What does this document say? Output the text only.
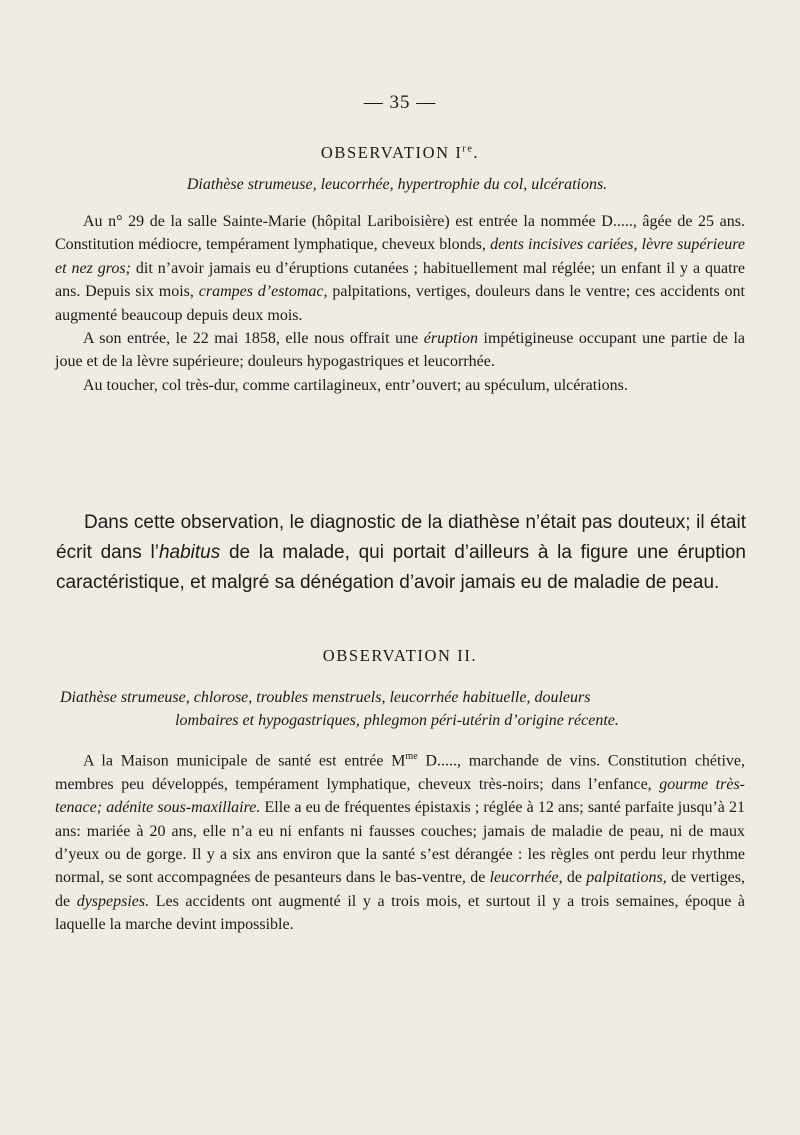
— 35 —
OBSERVATION Ire.
Diathèse strumeuse, leucorrhée, hypertrophie du col, ulcérations.

Au n° 29 de la salle Sainte-Marie (hôpital Lariboisière) est entrée la nommée D....., âgée de 25 ans. Constitution médiocre, tempérament lymphatique, cheveux blonds, dents incisives cariées, lèvre supérieure et nez gros; dit n’avoir jamais eu d’éruptions cutanées ; habituellement mal réglée; un enfant il y a quatre ans. Depuis six mois, crampes d’estomac, palpitations, vertiges, douleurs dans le ventre; ces accidents ont augmenté beaucoup depuis deux mois.

A son entrée, le 22 mai 1858, elle nous offrait une éruption impétigineuse occupant une partie de la joue et de la lèvre supérieure; douleurs hypogastriques et leucorrhée.

Au toucher, col très-dur, comme cartilagineux, entr’ouvert; au spéculum, ulcérations.

Dans cette observation, le diagnostic de la diathèse n’était pas douteux; il était écrit dans l’habitus de la malade, qui portait d’ailleurs à la figure une éruption caractéristique, et malgré sa dénégation d’avoir jamais eu de maladie de peau.

OBSERVATION II.
Diathèse strumeuse, chlorose, troubles menstruels, leucorrhée habituelle, douleurs
lombaires et hypogastriques, phlegmon péri-utérin d’origine récente.

A la Maison municipale de santé est entrée $M^{me}$ D....., marchande de vins. Constitution chétive, membres peu développés, tempérament lymphatique, cheveux très-noirs; dans l’enfance, gourme très-tenace; adénite sous-maxillaire. Elle a eu de fréquentes épistaxis ; réglée à 12 ans; santé parfaite jusqu’à 21 ans: mariée à 20 ans, elle n’a eu ni enfants ni fausses couches; jamais de maladie de peau, ni de maux d’yeux ou de gorge. Il y a six ans environ que la santé s’est dérangée : les règles ont perdu leur rhythme normal, se sont accompagnées de pesanteurs dans le bas-ventre, de leucorrhée, de palpitations, de vertiges, de dyspepsies. Les accidents ont augmenté il y a trois mois, et surtout il y a trois semaines, époque à laquelle la marche devint impossible.
